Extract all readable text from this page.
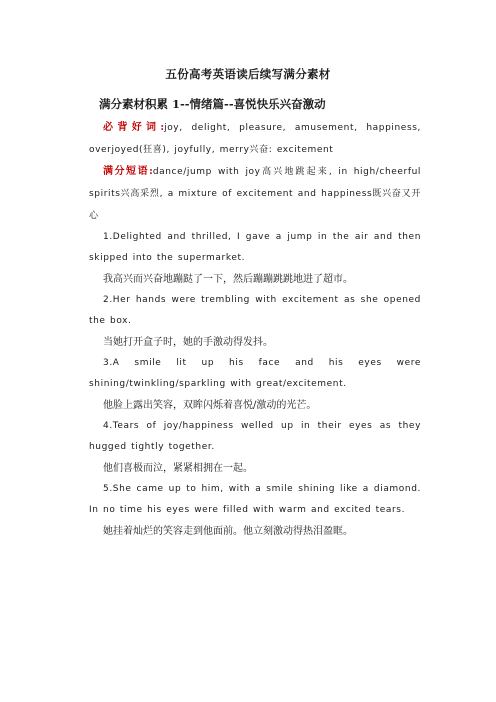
五份高考英语读后续写满分素材
满分素材积累 1--情绪篇--喜悦快乐兴奋激动

必背好词:joy, delight, pleasure, amusement, happiness, overjoyed(狂喜), joyfully, merry兴奋: excitement

满分短语:dance/jump with joy高兴地跳起来, in high/cheerful spirits兴高采烈, a mixture of excitement and happiness既兴奋又开心

1.Delighted and thrilled, I gave a jump in the air and then skipped into the supermarket.

我高兴而兴奋地蹦跶了一下，然后蹦蹦跳跳地进了超市。

2.Her hands were trembling with excitement as she opened the box.

当她打开盒子时，她的手激动得发抖。

3.A smile lit up his face and his eyes were shining/twinkling/sparkling with great/excitement.

他脸上露出笑容，双眸闪烁着喜悦/激动的光芒。

4.Tears of joy/happiness welled up in their eyes as they hugged tightly together.

他们喜极而泣，紧紧相拥在一起。

5.She came up to him, with a smile shining like a diamond. In no time his eyes were filled with warm and excited tears.

她挂着灿烂的笑容走到他面前。他立刻激动得热泪盈眶。
